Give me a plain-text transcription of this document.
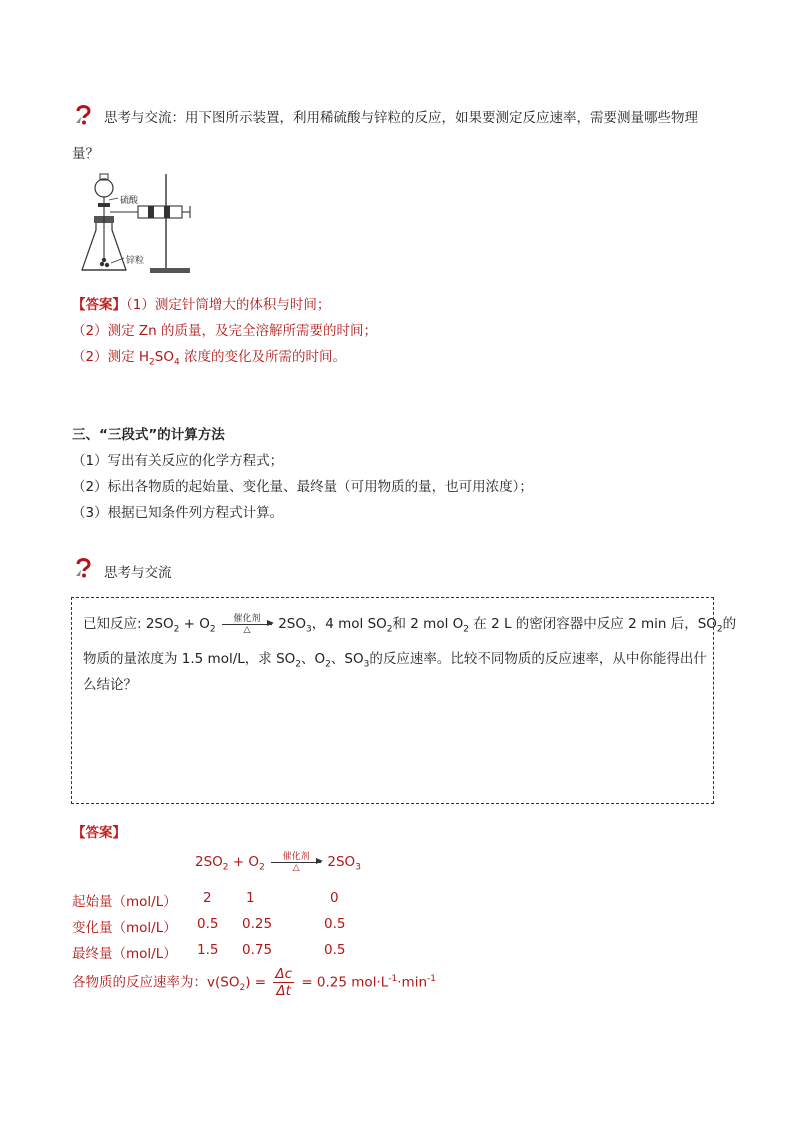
思考与交流：用下图所示装置，利用稀硫酸与锌粒的反应，如果要测定反应速率，需要测量哪些物理
量？
硫酸
锌粒
【答案】（1）测定针筒增大的体积与时间；
（2）测定 Zn 的质量，及完全溶解所需要的时间；
（2）测定 $H_2SO_4$ 浓度的变化及所需的时间。
三、“三段式”的计算方法
（1）写出有关反应的化学方程式；
（2）标出各物质的起始量、变化量、最终量（可用物质的量，也可用浓度）；
（3）根据已知条件列方程式计算。
思考与交流
已知反应: $2SO_2 + O_2$
催化剂
△	$2SO_3$，4 mol $SO_2$和 2 mol $O_2$ 在 2 L 的密闭容器中反应 2 min 后，$SO_2$的
物质的量浓度为 1.5 mol/L，求 $SO_2$、$O_2$、$SO_3$的反应速率。比较不同物质的反应速率，从中你能得出什
么结论？
【答案】
$2SO_2 + O_2$
催化剂
△	$2SO_3$
起始量（mol/L） 2	1	0
变化量（mol/L） 0.5 0.25	0.5
最终量（mol/L） 1.5 0.75	0.5
各物质的反应速率为：$v(SO_2) = \frac{\Delta c}{\Delta t} = 0.25$ $mol\cdot L^{-1}\cdot\min^{-1}$
